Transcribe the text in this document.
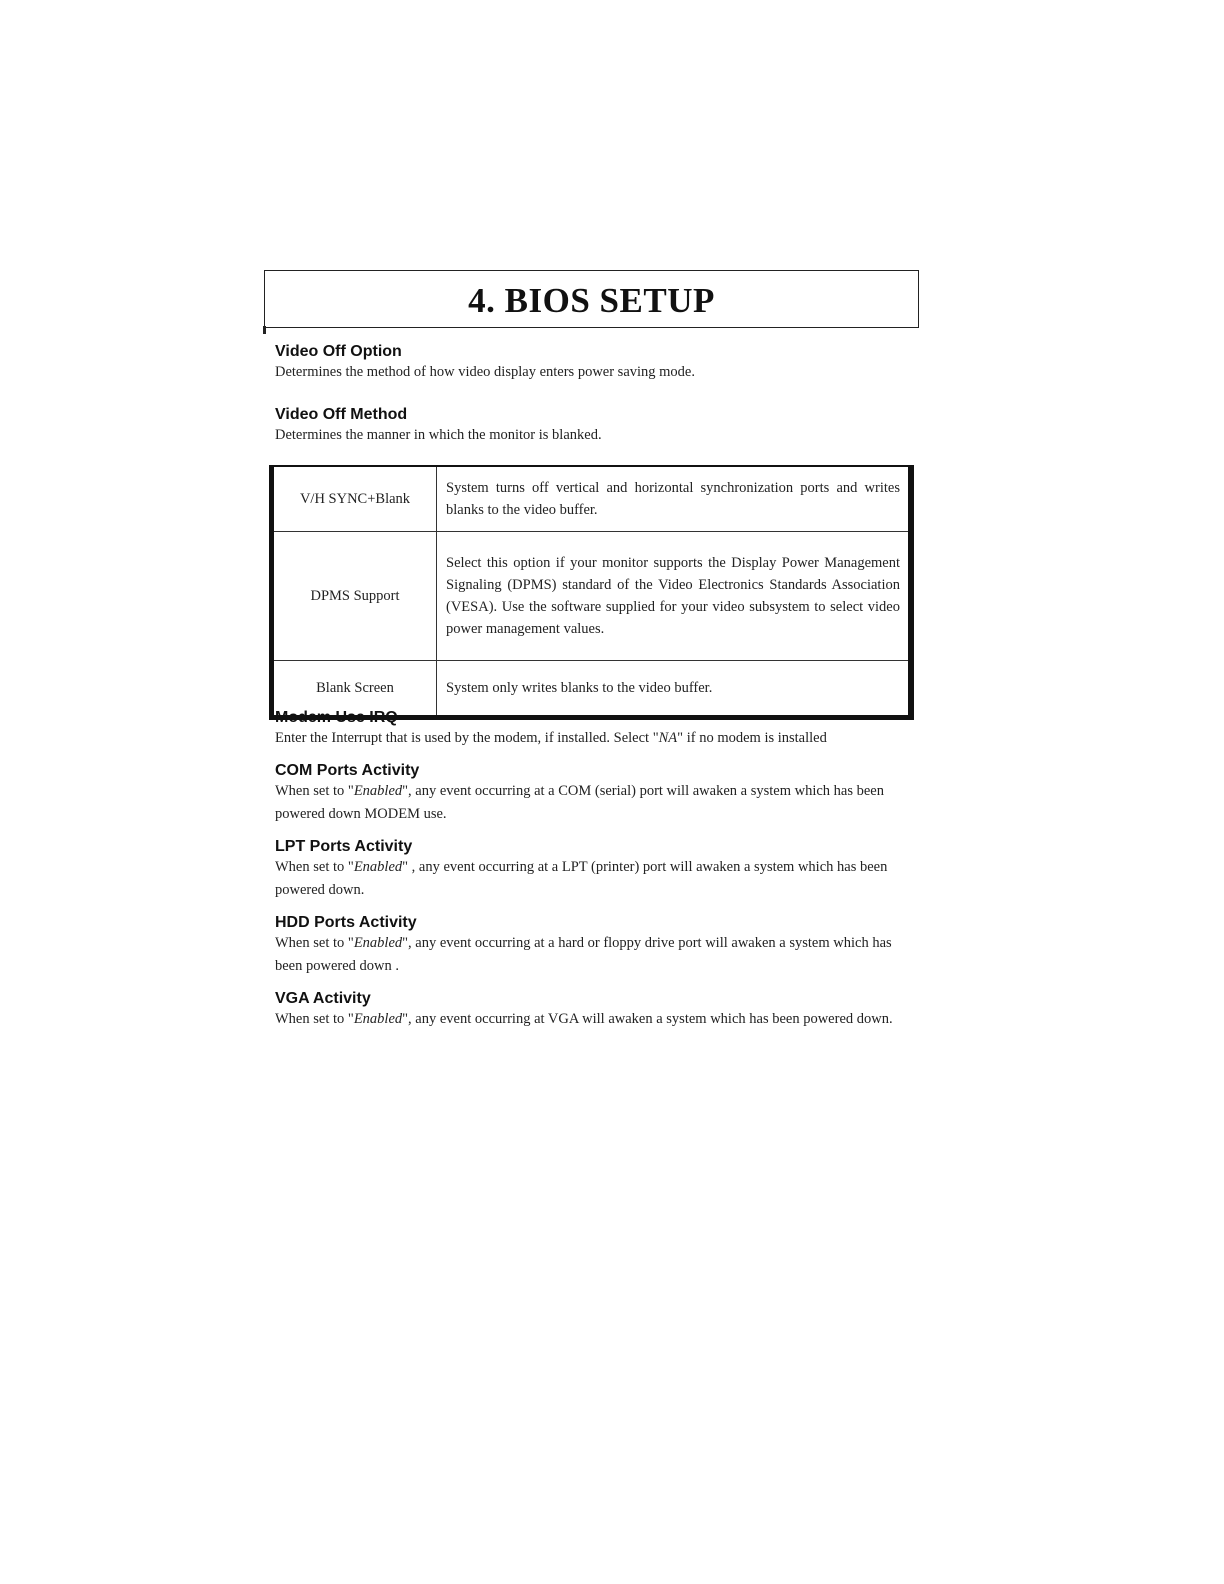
4. BIOS SETUP

Video Off Option

Determines the method of how video display enters power saving mode.

Video Off Method

Determines the manner in which the monitor is blanked.

V/H SYNC+Blank	System turns off vertical and horizontal synchronization ports and writes blanks to the video buffer.
DPMS Support	Select this option if your monitor supports the Display Power Management Signaling (DPMS) standard of the Video Electronics Standards Association (VESA). Use the software supplied for your video subsystem to select video power management values.
Blank Screen	System only writes blanks to the video buffer.

Modem Use IRQ

Enter the Interrupt that is used by the modem, if installed. Select "NA" if no modem is installed

COM Ports Activity

When set to "Enabled", any event occurring at a COM (serial) port will awaken a system which has been powered down MODEM use.

LPT Ports Activity

When set to "Enabled" , any event occurring at a LPT (printer) port will awaken a system which has been powered down.

HDD Ports Activity

When set to "Enabled", any event occurring at a hard or floppy drive port will awaken a system which has been powered down .

VGA Activity

When set to "Enabled", any event occurring at VGA will awaken a system which has been powered down.
